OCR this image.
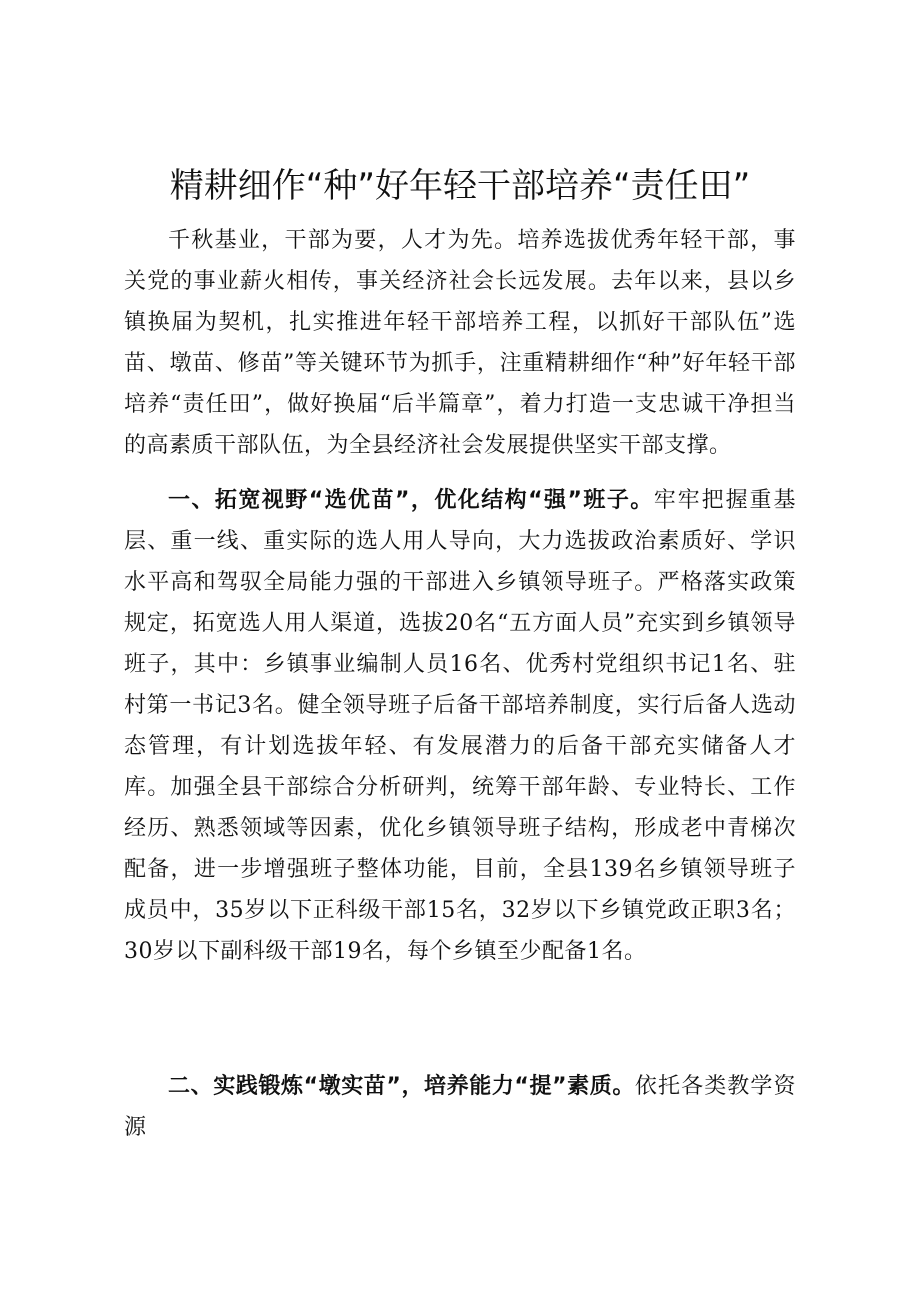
精耕细作“种”好年轻干部培养“责任田”

千秋基业，干部为要，人才为先。培养选拔优秀年轻干部，事关党的事业薪火相传，事关经济社会长远发展。去年以来，县以乡镇换届为契机，扎实推进年轻干部培养工程，以抓好干部队伍”选苗、墩苗、修苗”等关键环节为抓手，注重精耕细作“种”好年轻干部培养“责任田”，做好换届“后半篇章”，着力打造一支忠诚干净担当的高素质干部队伍，为全县经济社会发展提供坚实干部支撑。

一、拓宽视野“选优苗”，优化结构“强”班子。牢牢把握重基层、重一线、重实际的选人用人导向，大力选拔政治素质好、学识水平高和驾驭全局能力强的干部进入乡镇领导班子。严格落实政策规定，拓宽选人用人渠道，选拔20名“五方面人员”充实到乡镇领导班子，其中：乡镇事业编制人员16名、优秀村党组织书记1名、驻村第一书记3名。健全领导班子后备干部培养制度，实行后备人选动态管理，有计划选拔年轻、有发展潜力的后备干部充实储备人才库。加强全县干部综合分析研判，统筹干部年龄、专业特长、工作经历、熟悉领域等因素，优化乡镇领导班子结构，形成老中青梯次配备，进一步增强班子整体功能，目前，全县139名乡镇领导班子成员中，35岁以下正科级干部15名，32岁以下乡镇党政正职3名；30岁以下副科级干部19名，每个乡镇至少配备1名。

二、实践锻炼“墩实苗”，培养能力“提”素质。依托各类教学资源
